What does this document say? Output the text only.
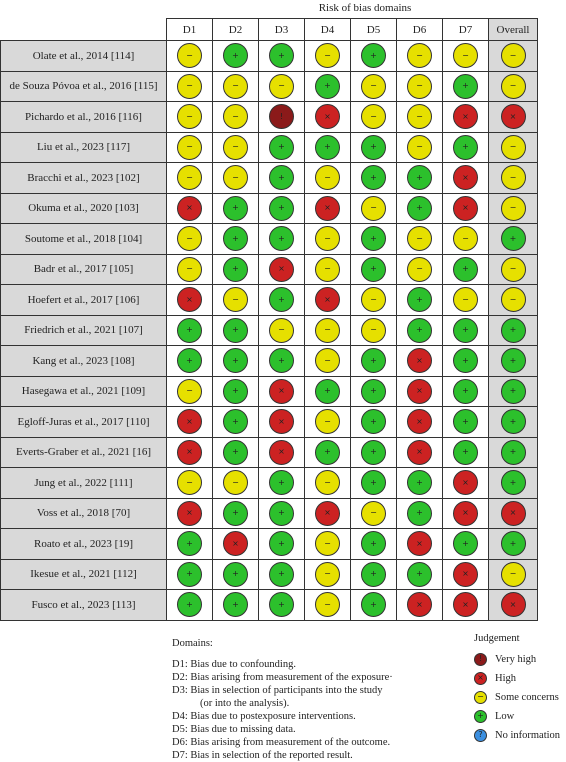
Risk of bias domains
	D1	D2	D3	D4	D5	D6	D7	Overall
Olate et al., 2014 [114]	−	+	+	−	+	−	−	−

de Souza Póvoa et al., 2016 [115]	−	−	−	+	−	−	+	−

Pichardo et al., 2016 [116]	−	−	!	×	−	−	×	×

Liu et al., 2023 [117]	−	−	+	+	+	−	+	−

Bracchi et al., 2023 [102]	−	−	+	−	+	+	×	−

Okuma et al., 2020 [103]	×	+	+	×	−	+	×	−

Soutome et al., 2018 [104]	−	+	+	−	+	−	−	+

Badr et al., 2017 [105]	−	+	×	−	+	−	+	−

Hoefert et al., 2017 [106]	×	−	+	×	−	+	−	−

Friedrich et al., 2021 [107]	+	+	−	−	−	+	+	+

Kang et al., 2023 [108]	+	+	+	−	+	×	+	+

Hasegawa et al., 2021 [109]	−	+	×	+	+	×	+	+

Egloff-Juras et al., 2017 [110]	×	+	×	−	+	×	+	+

Everts-Graber et al., 2021 [16]	×	+	×	+	+	×	+	+

Jung et al., 2022 [111]	−	−	+	−	+	+	×	+

Voss et al., 2018 [70]	×	+	+	×	−	+	×	×

Roato et al., 2023 [19]	+	×	+	−	+	×	+	+

Ikesue et al., 2021 [112]	+	+	+	−	+	+	×	−

Fusco et al., 2023 [113]	+	+	+	−	+	×	×	×
Domains:
D1: Bias due to confounding.
D2: Bias arising from measurement of the exposure·
D3: Bias in selection of participants into the study
(or into the analysis).
D4: Bias due to postexposure interventions.
D5: Bias due to missing data.
D6: Bias arising from measurement of the outcome.
D7: Bias in selection of the reported result.
Judgement
!	Very high
× High
− Some concerns
+ Low
?	No information
